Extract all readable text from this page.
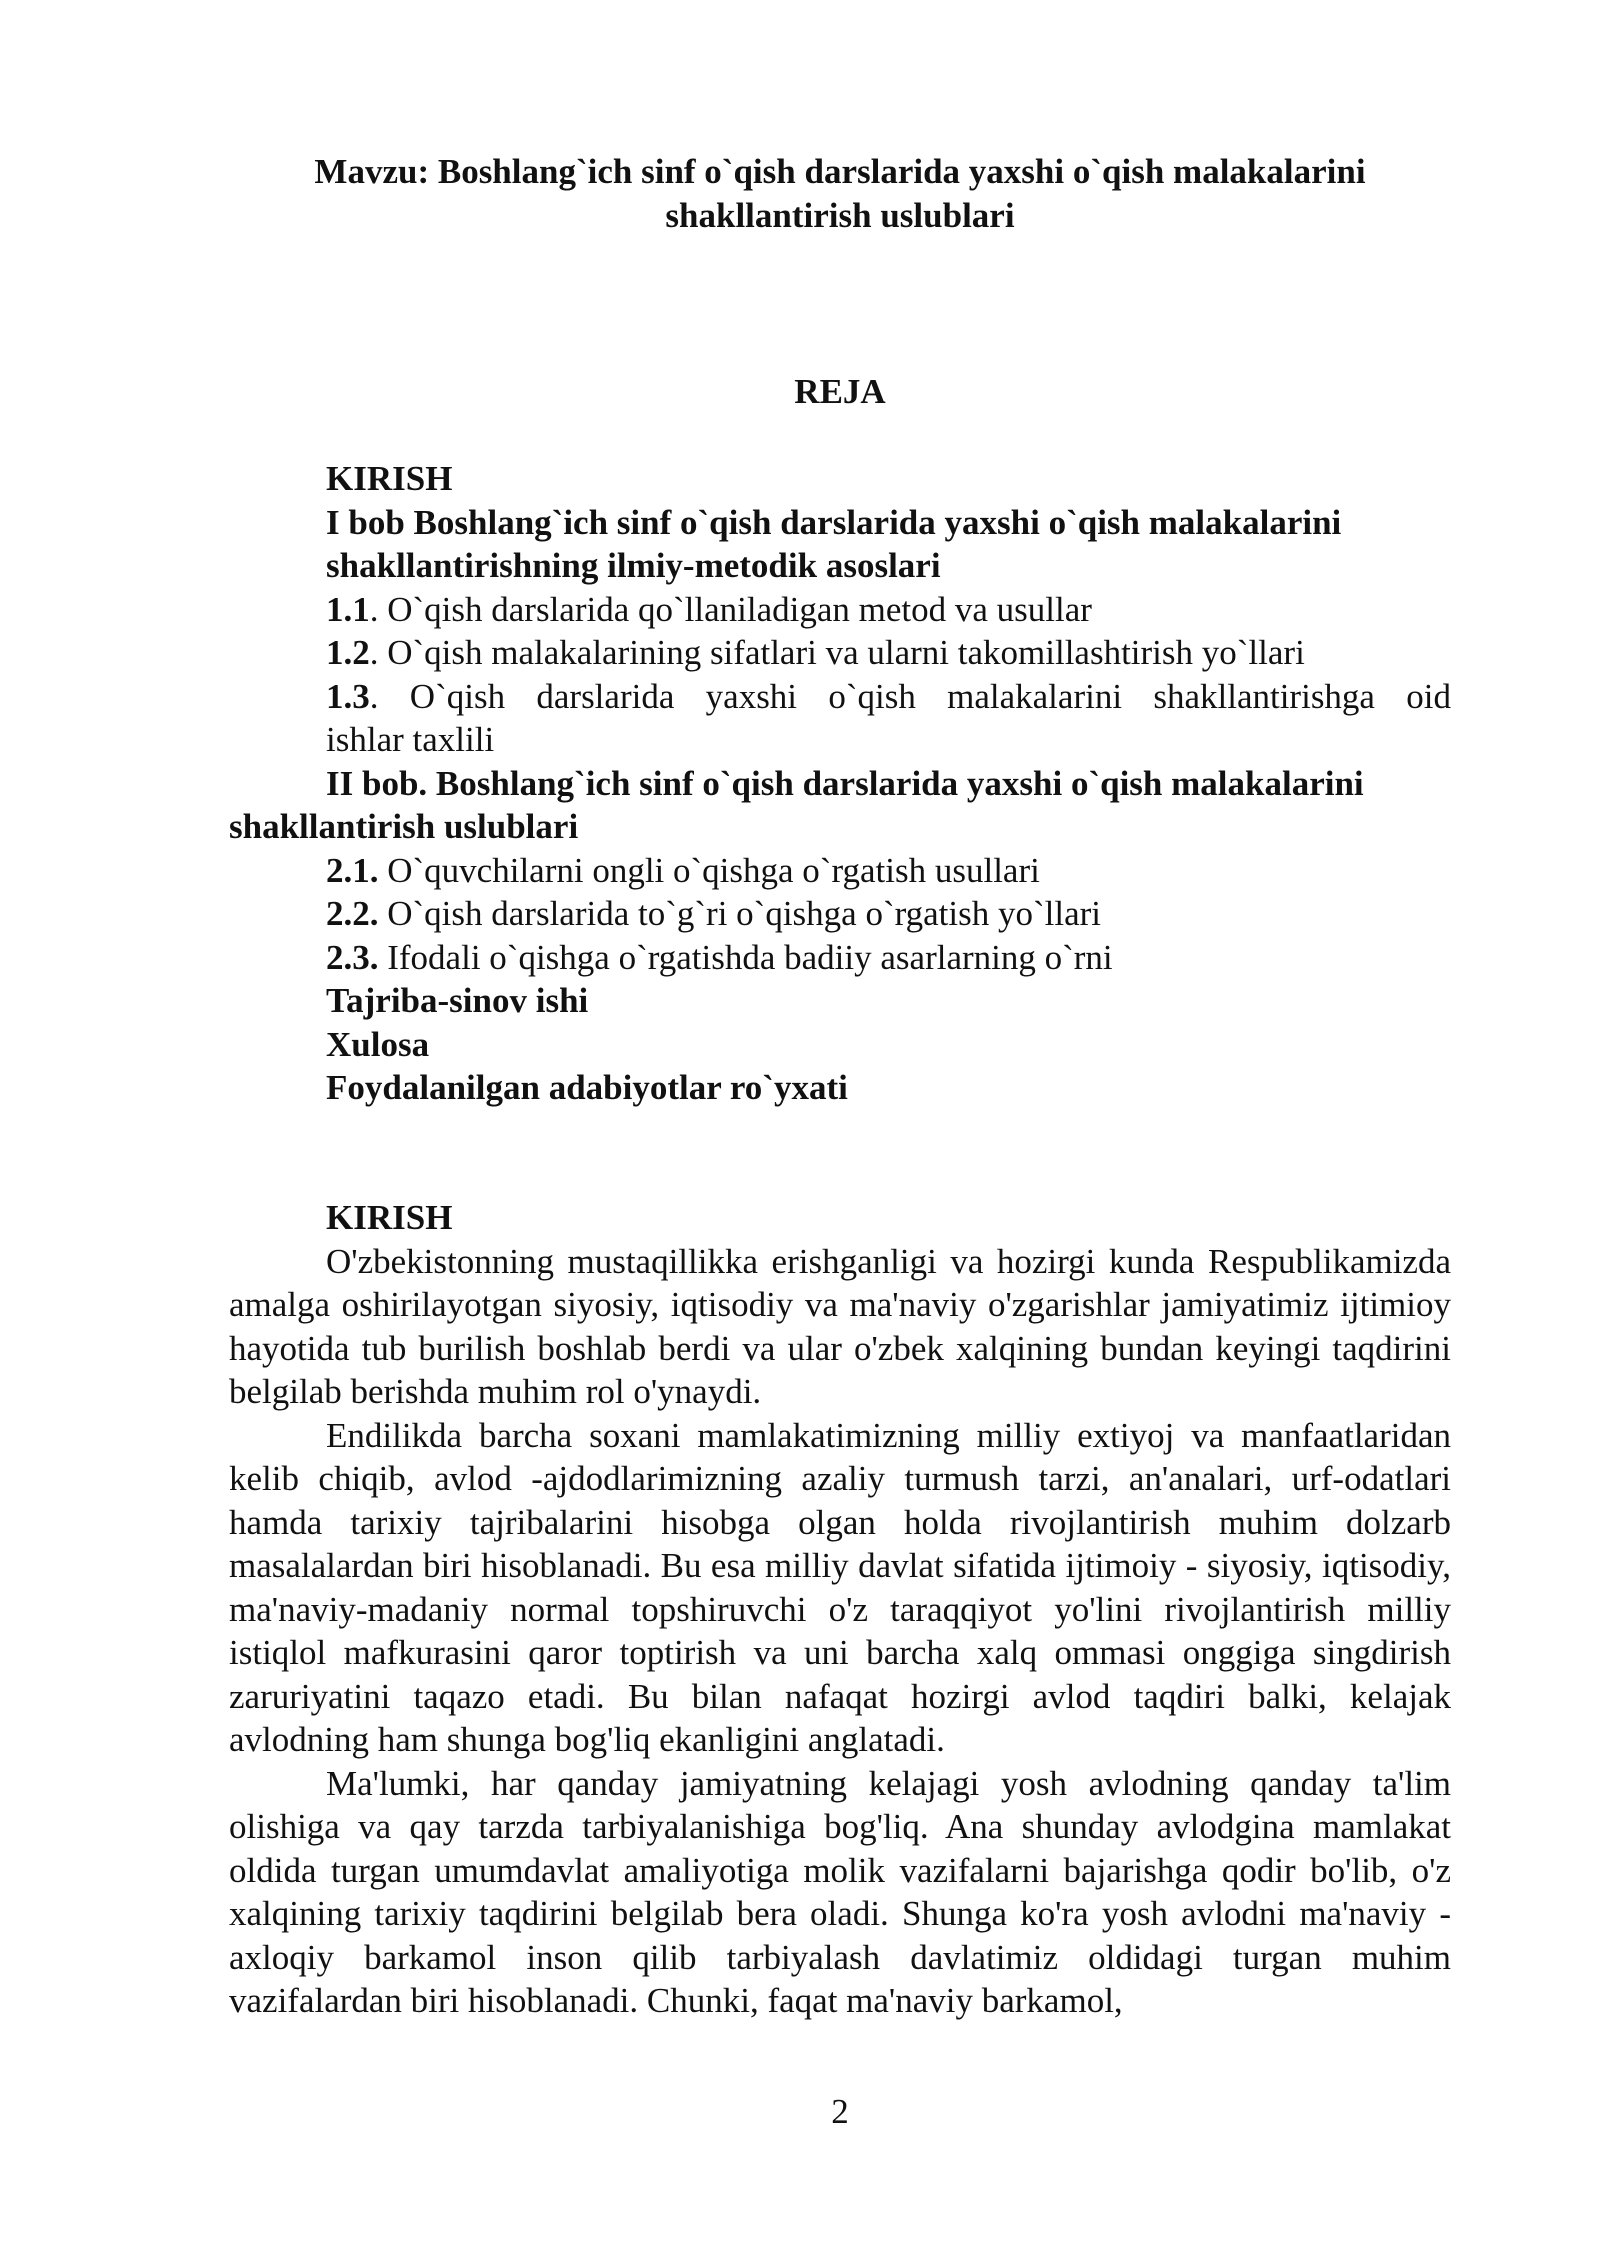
Mavzu: Boshlang`ich sinf o`qish darslarida yaxshi o`qish malakalarini
shakllantirish uslublari
REJA
KIRISH
I bob Boshlang`ich sinf o`qish darslarida yaxshi o`qish malakalarini
shakllantirishning ilmiy-metodik asoslari
1.1. O`qish darslarida qo`llaniladigan metod va usullar
1.2. O`qish malakalarining sifatlari va ularni takomillashtirish yo`llari
1.3. O`qish darslarida yaxshi o`qish malakalarini shakllantirishga oid
ishlar taxlili
II bob. Boshlang`ich sinf o`qish darslarida yaxshi o`qish malakalarini
shakllantirish uslublari
2.1. O`quvchilarni ongli o`qishga o`rgatish usullari
2.2. O`qish darslarida to`g`ri o`qishga o`rgatish yo`llari
2.3. Ifodali o`qishga o`rgatishda badiiy asarlarning o`rni
Tajriba-sinov ishi
Xulosa
Foydalanilgan adabiyotlar ro`yxati
KIRISH

O'zbekistonning mustaqillikka erishganligi va hozirgi kunda Respublikamizda amalga oshirilayotgan siyosiy, iqtisodiy va ma'naviy o'zgarishlar jamiyatimiz ijtimioy hayotida tub burilish boshlab berdi va ular o'zbek xalqining bundan keyingi taqdirini belgilab berishda muhim rol o'ynaydi.

Endilikda barcha soxani mamlakatimizning milliy extiyoj va manfaatlaridan kelib chiqib, avlod -ajdodlarimizning azaliy turmush tarzi, an'analari, urf-odatlari hamda tarixiy tajribalarini hisobga olgan holda rivojlantirish muhim dolzarb masalalardan biri hisoblanadi. Bu esa milliy davlat sifatida ijtimoiy - siyosiy, iqtisodiy, ma'naviy-madaniy normal topshiruvchi o'z taraqqiyot yo'lini rivojlantirish milliy istiqlol mafkurasini qaror toptirish va uni barcha xalq ommasi onggiga singdirish zaruriyatini taqazo etadi. Bu bilan nafaqat hozirgi avlod taqdiri balki, kelajak avlodning ham shunga bog'liq ekanligini anglatadi.

Ma'lumki, har qanday jamiyatning kelajagi yosh avlodning qanday ta'lim olishiga va qay tarzda tarbiyalanishiga bog'liq. Ana shunday avlodgina mamlakat oldida turgan umumdavlat amaliyotiga molik vazifalarni bajarishga qodir bo'lib, o'z xalqining tarixiy taqdirini belgilab bera oladi. Shunga ko'ra yosh avlodni ma'naviy - axloqiy barkamol inson qilib tarbiyalash davlatimiz oldidagi turgan muhim vazifalardan biri hisoblanadi. Chunki, faqat ma'naviy barkamol,

2
